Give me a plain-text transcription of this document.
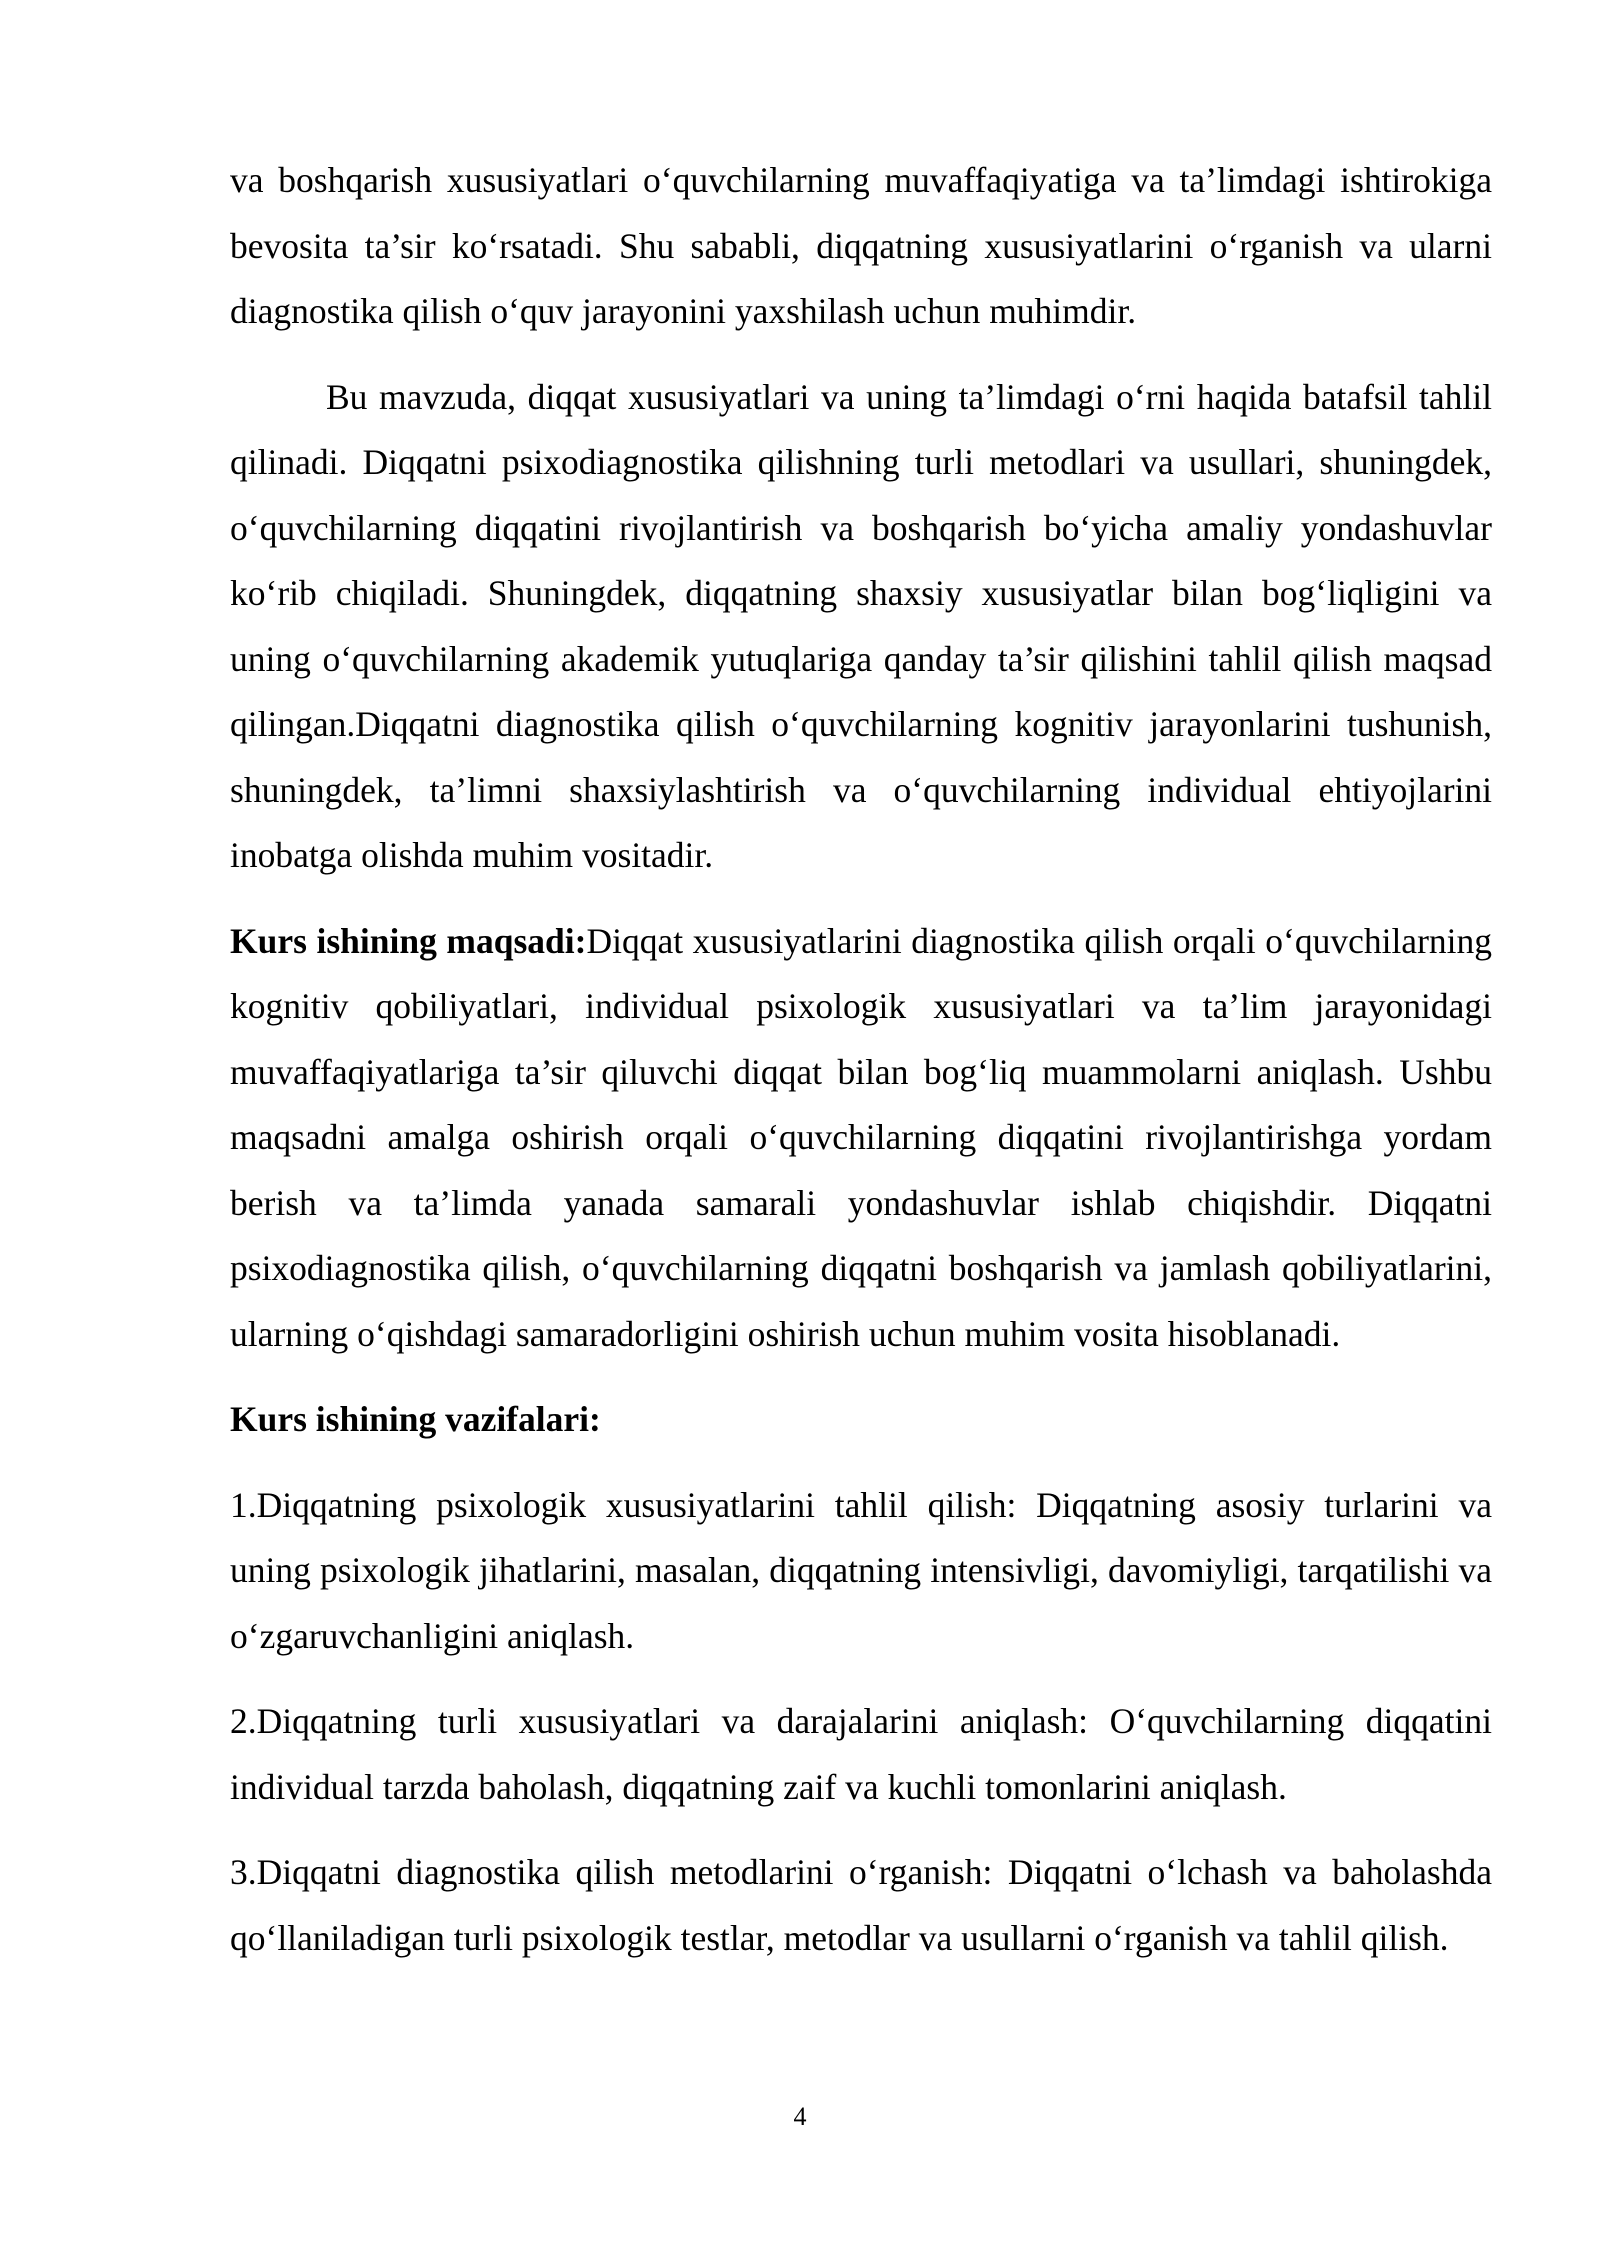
va boshqarish xususiyatlari o‘quvchilarning muvaffaqiyatiga va ta’limdagi ishtirokiga bevosita ta’sir ko‘rsatadi. Shu sababli, diqqatning xususiyatlarini o‘rganish va ularni diagnostika qilish o‘quv jarayonini yaxshilash uchun muhimdir.

Bu mavzuda, diqqat xususiyatlari va uning ta’limdagi o‘rni haqida batafsil tahlil qilinadi. Diqqatni psixodiagnostika qilishning turli metodlari va usullari, shuningdek, o‘quvchilarning diqqatini rivojlantirish va boshqarish bo‘yicha amaliy yondashuvlar ko‘rib chiqiladi. Shuningdek, diqqatning shaxsiy xususiyatlar bilan bog‘liqligini va uning o‘quvchilarning akademik yutuqlariga qanday ta’sir qilishini tahlil qilish maqsad qilingan.Diqqatni diagnostika qilish o‘quvchilarning kognitiv jarayonlarini tushunish, shuningdek, ta’limni shaxsiylashtirish va o‘quvchilarning individual ehtiyojlarini inobatga olishda muhim vositadir.

Kurs ishining maqsadi:Diqqat xususiyatlarini diagnostika qilish orqali o‘quvchilarning kognitiv qobiliyatlari, individual psixologik xususiyatlari va ta’lim jarayonidagi muvaffaqiyatlariga ta’sir qiluvchi diqqat bilan bog‘liq muammolarni aniqlash. Ushbu maqsadni amalga oshirish orqali o‘quvchilarning diqqatini rivojlantirishga yordam berish va ta’limda yanada samarali yondashuvlar ishlab chiqishdir. Diqqatni psixodiagnostika qilish, o‘quvchilarning diqqatni boshqarish va jamlash qobiliyatlarini, ularning o‘qishdagi samaradorligini oshirish uchun muhim vosita hisoblanadi.

Kurs ishining vazifalari:

1.Diqqatning psixologik xususiyatlarini tahlil qilish: Diqqatning asosiy turlarini va uning psixologik jihatlarini, masalan, diqqatning intensivligi, davomiyligi, tarqatilishi va o‘zgaruvchanligini aniqlash.

2.Diqqatning turli xususiyatlari va darajalarini aniqlash: O‘quvchilarning diqqatini individual tarzda baholash, diqqatning zaif va kuchli tomonlarini aniqlash.

3.Diqqatni diagnostika qilish metodlarini o‘rganish: Diqqatni o‘lchash va baholashda qo‘llaniladigan turli psixologik testlar, metodlar va usullarni o‘rganish va tahlil qilish.

4
